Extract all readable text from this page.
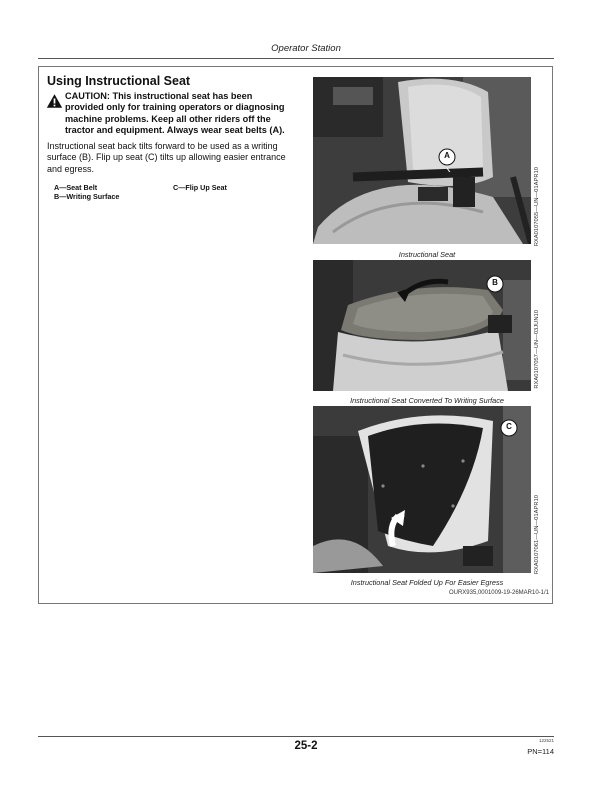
Operator Station
Using Instructional Seat
CAUTION: This instructional seat has been
provided only for training operators or diagnosing
machine problems. Keep all other riders off the
tractor and equipment. Always wear seat belts (A).
Instructional seat back tilts forward to be used as a writing
surface (B). Flip up seat (C) tilts up allowing easier entrance
and egress.
A—Seat Belt
B—Writing Surface
C—Flip Up Seat
A
RXA0107055—UN—01APR10
Instructional Seat
B
RXA0107057—UN—03JUN10
Instructional Seat Converted To Writing Surface
C
RXA0107061—UN—01APR10
Instructional Seat Folded Up For Easier Egress
OURX935,0001009-19-26MAR10-1/1
25-2	122521
PN=114
